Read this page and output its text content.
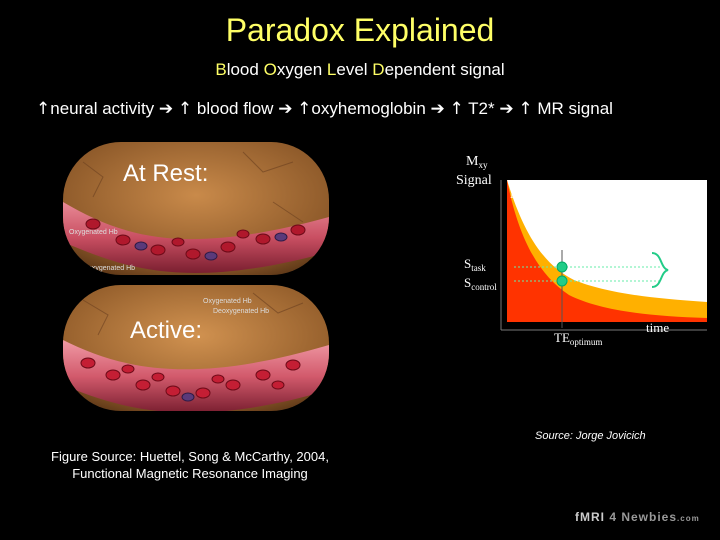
Paradox Explained
Blood Oxygen Level Dependent signal
↑neural activity ➔ ↑ blood flow ➔ ↑oxyhemoglobin ➔ ↑ T2* ➔ ↑ MR signal
Oxygenated Hb
Deoxygenated Hb
At Rest:
Deoxygenated Hb
Oxygenated Hb
Active:
Figure Source: Huettel, Song & McCarthy, 2004, Functional Magnetic Resonance Imaging
$M_{xy}$
Signal
$M_o$ sinθ
T₂* task
T₂* control
$S_{task}$
$S_{control}$
ΔS
$TE_{optimum}$
time
Source: Jorge Jovicich
fMRI 4 Newbies.com
